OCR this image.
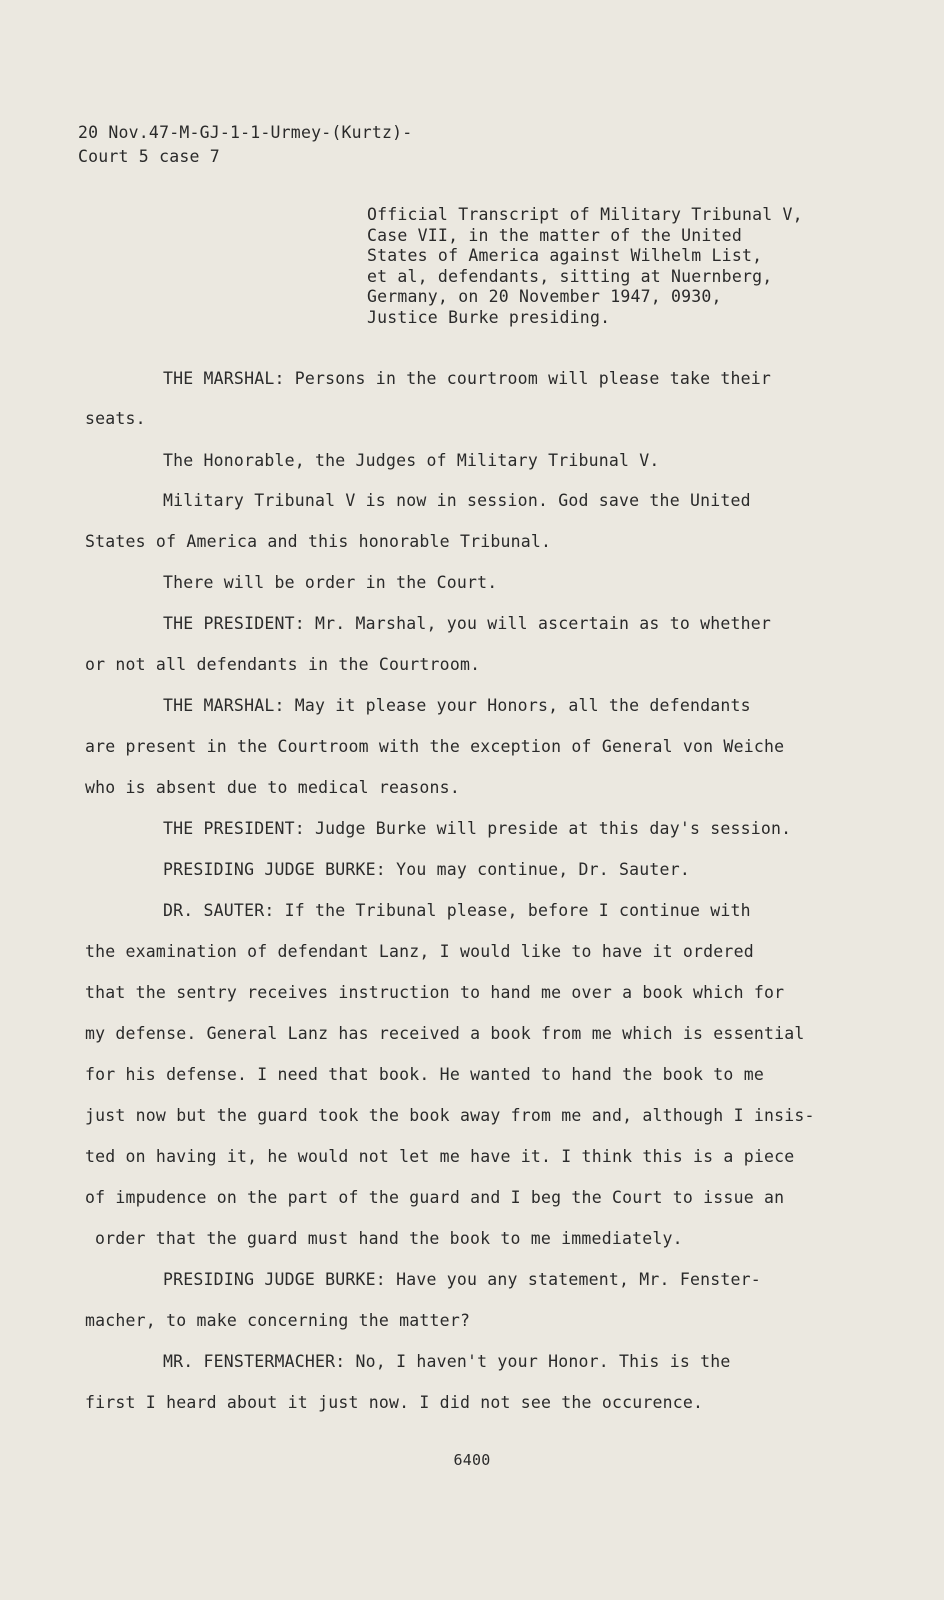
20 Nov.47-M-GJ-1-1-Urmey-(Kurtz)-
Court 5 case 7
Official Transcript of Military Tribunal V,
Case VII, in the matter of the United
States of America against Wilhelm List,
et al, defendants, sitting at Nuernberg,
Germany, on 20 November 1947, 0930,
Justice Burke presiding.
THE MARSHAL: Persons in the courtroom will please take their
seats.
The Honorable, the Judges of Military Tribunal V.
Military Tribunal V is now in session. God save the United
States of America and this honorable Tribunal.
There will be order in the Court.
THE PRESIDENT: Mr. Marshal, you will ascertain as to whether
or not all defendants in the Courtroom.
THE MARSHAL: May it please your Honors, all the defendants
are present in the Courtroom with the exception of General von Weiche
who is absent due to medical reasons.
THE PRESIDENT: Judge Burke will preside at this day's session.
PRESIDING JUDGE BURKE: You may continue, Dr. Sauter.
DR. SAUTER: If the Tribunal please, before I continue with
the examination of defendant Lanz, I would like to have it ordered
that the sentry receives instruction to hand me over a book which for
my defense. General Lanz has received a book from me which is essential
for his defense. I need that book. He wanted to hand the book to me
just now but the guard took the book away from me and, although I insis-
ted on having it, he would not let me have it. I think this is a piece
of impudence on the part of the guard and I beg the Court to issue an
order that the guard must hand the book to me immediately.
PRESIDING JUDGE BURKE: Have you any statement, Mr. Fenster-
macher, to make concerning the matter?
MR. FENSTERMACHER: No, I haven't your Honor. This is the
first I heard about it just now. I did not see the occurence.
6400
